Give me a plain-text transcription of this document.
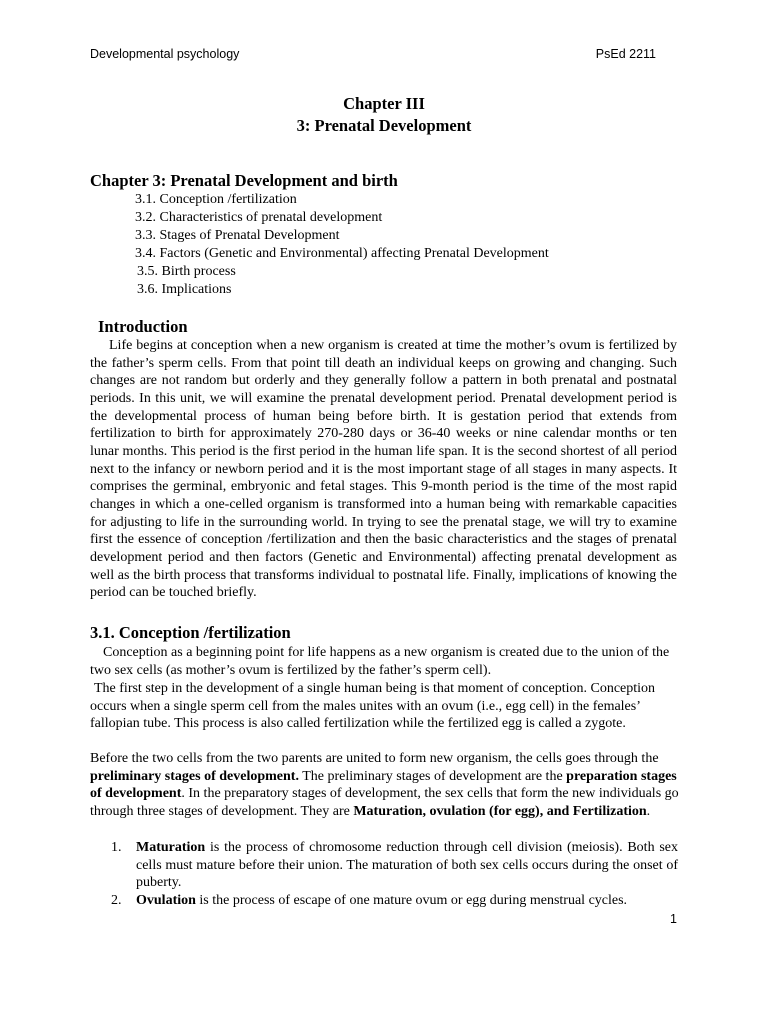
Developmental psychology	PsEd 2211
Chapter III
3: Prenatal Development
Chapter 3: Prenatal Development and birth
3.1. Conception /fertilization
3.2. Characteristics of prenatal development
3.3. Stages of Prenatal Development
3.4. Factors (Genetic and Environmental) affecting Prenatal Development
3.5. Birth process
3.6. Implications
Introduction

Life begins at conception when a new organism is created at time the mother’s ovum is fertilized by the father’s sperm cells. From that point till death an individual keeps on growing and changing. Such changes are not random but orderly and they generally follow a pattern in both prenatal and postnatal periods. In this unit, we will examine the prenatal development period. Prenatal development period is the developmental process of human being before birth. It is gestation period that extends from fertilization to birth for approximately 270-280 days or 36-40 weeks or nine calendar months or ten lunar months. This period is the first period in the human life span. It is the second shortest of all period next to the infancy or newborn period and it is the most important stage of all stages in many aspects. It comprises the germinal, embryonic and fetal stages. This 9-month period is the time of the most rapid changes in which a one-celled organism is transformed into a human being with remarkable capacities for adjusting to life in the surrounding world. In trying to see the prenatal stage, we will try to examine first the essence of conception /fertilization and then the basic characteristics and the stages of prenatal development period and then factors (Genetic and Environmental) affecting prenatal development as well as the birth process that transforms individual to postnatal life. Finally, implications of knowing the period can be touched briefly.

3.1. Conception /fertilization

Conception as a beginning point for life happens as a new organism is created due to the union of the two sex cells (as mother’s ovum is fertilized by the father’s sperm cell).

The first step in the development of a single human being is that moment of conception. Conception occurs when a single sperm cell from the males unites with an ovum (i.e., egg cell) in the females’ fallopian tube. This process is also called fertilization while the fertilized egg is called a zygote.

Before the two cells from the two parents are united to form new organism, the cells goes through the preliminary stages of development. The preliminary stages of development are the preparation stages of development. In the preparatory stages of development, the sex cells that form the new individuals go through three stages of development. They are Maturation, ovulation (for egg), and Fertilization.

1. Maturation is the process of chromosome reduction through cell division (meiosis). Both sex cells must mature before their union. The maturation of both sex cells occurs during the onset of puberty.
2. Ovulation is the process of escape of one mature ovum or egg during menstrual cycles.
1
